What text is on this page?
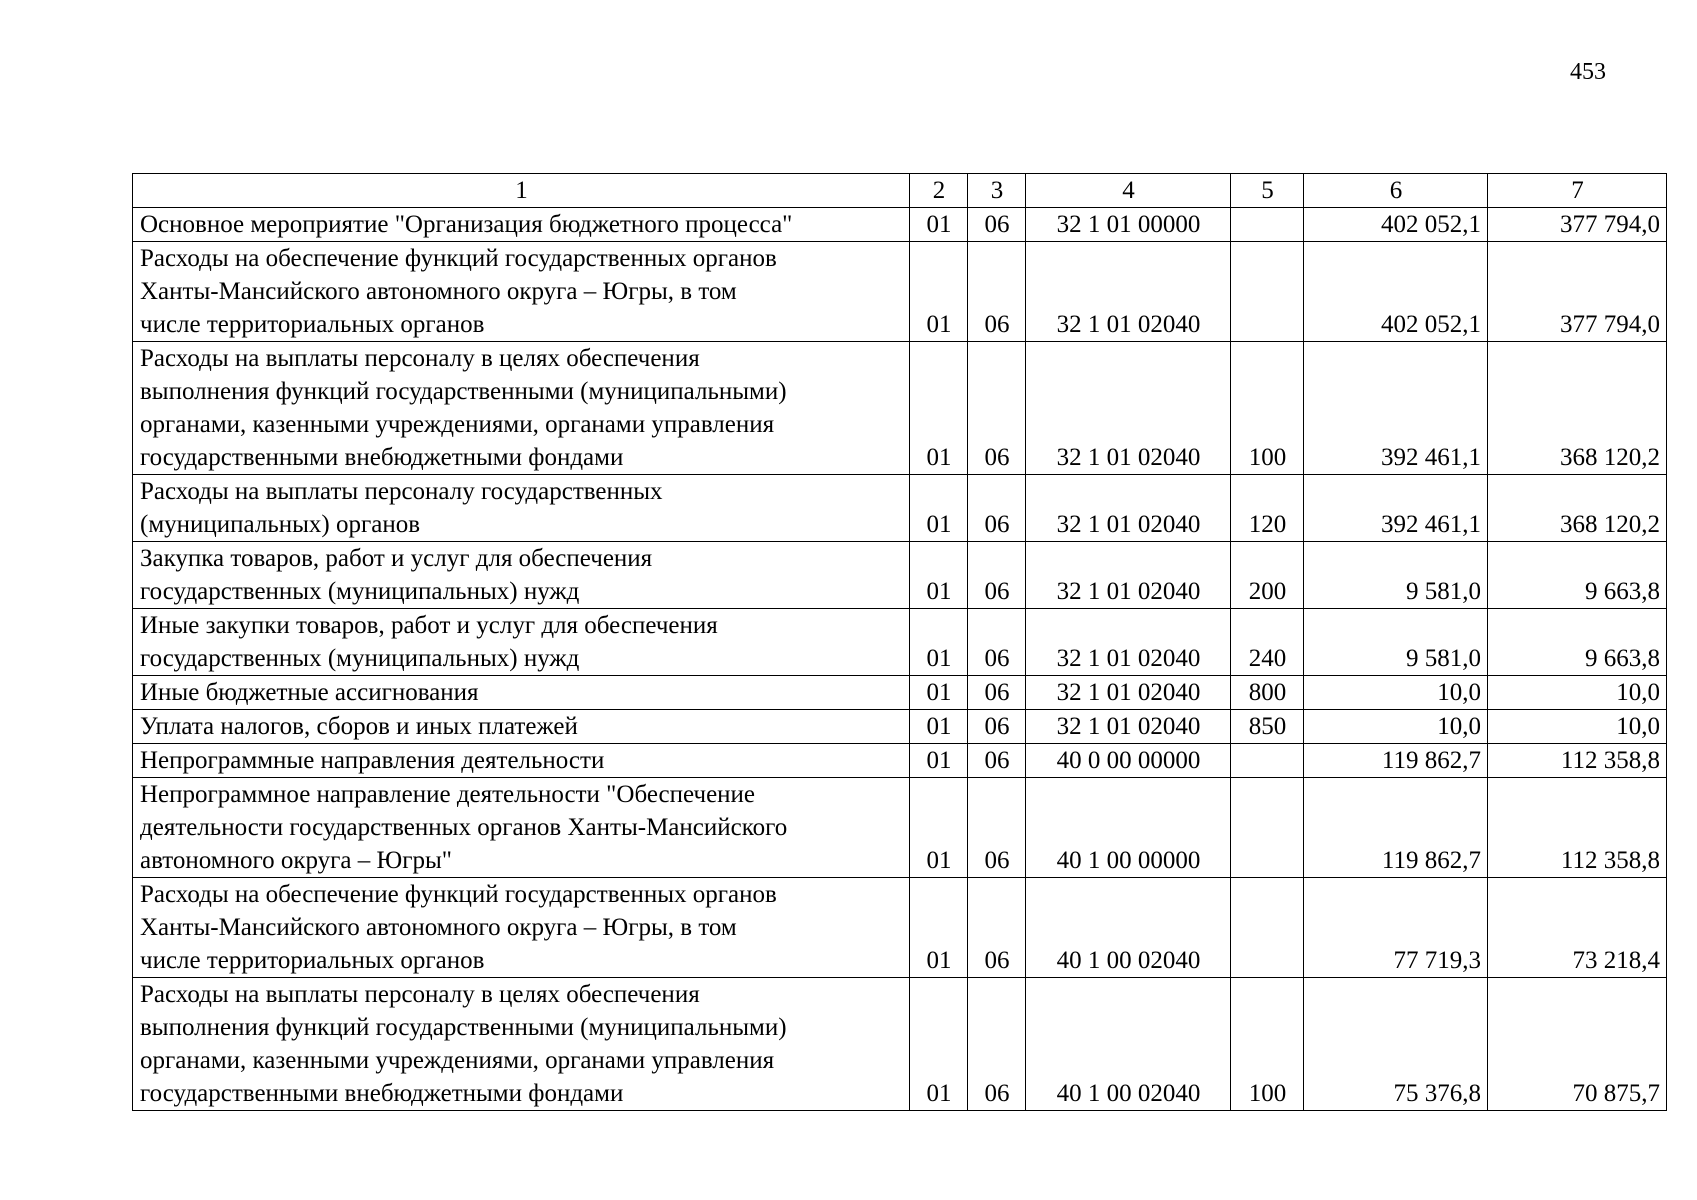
453
1	2	3	4	5	6	7

Основное мероприятие "Организация бюджетного процесса"	01	06	32 1 01 00000		402 052,1	377 794,0

Расходы на обеспечение функций государственных органов
Ханты-Мансийского автономного округа – Югры, в том
числе территориальных органов	01	06	32 1 01 02040		402 052,1	377 794,0

Расходы на выплаты персоналу в целях обеспечения
выполнения функций государственными (муниципальными)
органами, казенными учреждениями, органами управления
государственными внебюджетными фондами	01	06	32 1 01 02040	100	392 461,1	368 120,2

Расходы на выплаты персоналу государственных
(муниципальных) органов	01	06	32 1 01 02040	120	392 461,1	368 120,2

Закупка товаров, работ и услуг для обеспечения
государственных (муниципальных) нужд	01	06	32 1 01 02040	200	9 581,0	9 663,8

Иные закупки товаров, работ и услуг для обеспечения
государственных (муниципальных) нужд	01	06	32 1 01 02040	240	9 581,0	9 663,8

Иные бюджетные ассигнования	01	06	32 1 01 02040	800	10,0	10,0

Уплата налогов, сборов и иных платежей	01	06	32 1 01 02040	850	10,0	10,0

Непрограммные направления деятельности	01	06	40 0 00 00000		119 862,7	112 358,8

Непрограммное направление деятельности "Обеспечение
деятельности государственных органов Ханты-Мансийского
автономного округа – Югры"	01	06	40 1 00 00000		119 862,7	112 358,8

Расходы на обеспечение функций государственных органов
Ханты-Мансийского автономного округа – Югры, в том
числе территориальных органов	01	06	40 1 00 02040		77 719,3	73 218,4

Расходы на выплаты персоналу в целях обеспечения
выполнения функций государственными (муниципальными)
органами, казенными учреждениями, органами управления
государственными внебюджетными фондами	01	06	40 1 00 02040	100	75 376,8	70 875,7
